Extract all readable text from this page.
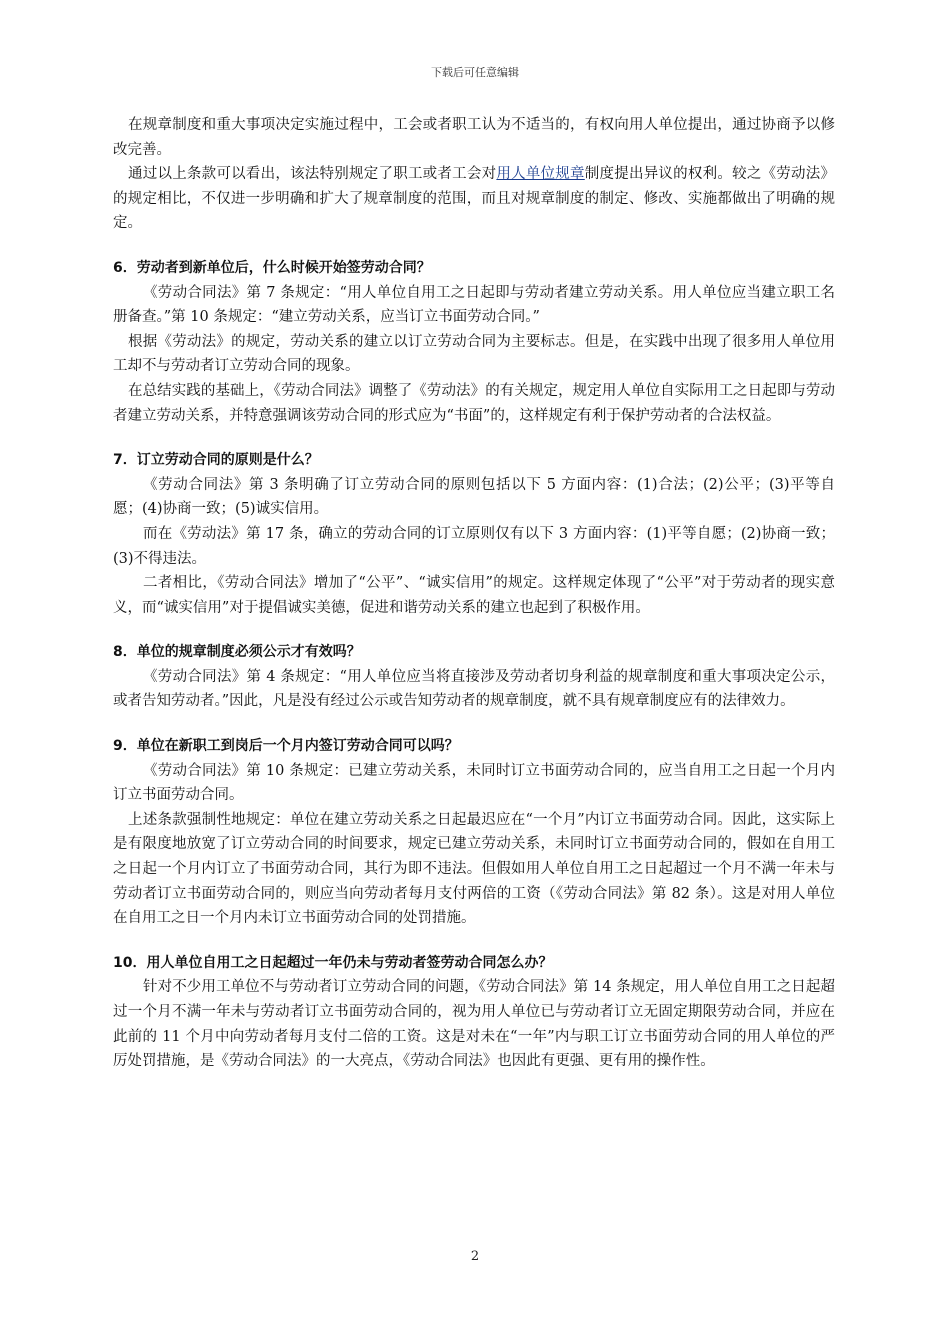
下载后可任意编辑

在规章制度和重大事项决定实施过程中，工会或者职工认为不适当的，有权向用人单位提出，通过协商予以修改完善。

通过以上条款可以看出，该法特别规定了职工或者工会对用人单位规章制度提出异议的权利。较之《劳动法》的规定相比，不仅进一步明确和扩大了规章制度的范围，而且对规章制度的制定、修改、实施都做出了明确的规定。

6．劳动者到新单位后，什么时候开始签劳动合同？

《劳动合同法》第 7 条规定：“用人单位自用工之日起即与劳动者建立劳动关系。用人单位应当建立职工名册备查。”第 10 条规定：“建立劳动关系，应当订立书面劳动合同。”

根据《劳动法》的规定，劳动关系的建立以订立劳动合同为主要标志。但是，在实践中出现了很多用人单位用工却不与劳动者订立劳动合同的现象。

在总结实践的基础上，《劳动合同法》调整了《劳动法》的有关规定，规定用人单位自实际用工之日起即与劳动者建立劳动关系，并特意强调该劳动合同的形式应为“书面”的，这样规定有利于保护劳动者的合法权益。

7．订立劳动合同的原则是什么？

《劳动合同法》第 3 条明确了订立劳动合同的原则包括以下 5 方面内容：(1)合法；(2)公平；(3)平等自愿；(4)协商一致；(5)诚实信用。

而在《劳动法》第 17 条，确立的劳动合同的订立原则仅有以下 3 方面内容：(1)平等自愿；(2)协商一致；(3)不得违法。

二者相比，《劳动合同法》增加了“公平”、“诚实信用”的规定。这样规定体现了“公平”对于劳动者的现实意义，而“诚实信用”对于提倡诚实美德，促进和谐劳动关系的建立也起到了积极作用。

8．单位的规章制度必须公示才有效吗？

《劳动合同法》第 4 条规定：“用人单位应当将直接涉及劳动者切身利益的规章制度和重大事项决定公示，或者告知劳动者。”因此，凡是没有经过公示或告知劳动者的规章制度，就不具有规章制度应有的法律效力。

9．单位在新职工到岗后一个月内签订劳动合同可以吗？

《劳动合同法》第 10 条规定：已建立劳动关系，未同时订立书面劳动合同的，应当自用工之日起一个月内订立书面劳动合同。

上述条款强制性地规定：单位在建立劳动关系之日起最迟应在“一个月”内订立书面劳动合同。因此，这实际上是有限度地放宽了订立劳动合同的时间要求，规定已建立劳动关系，未同时订立书面劳动合同的，假如在自用工之日起一个月内订立了书面劳动合同，其行为即不违法。但假如用人单位自用工之日起超过一个月不满一年未与劳动者订立书面劳动合同的，则应当向劳动者每月支付两倍的工资（《劳动合同法》第 82 条）。这是对用人单位在自用工之日一个月内未订立书面劳动合同的处罚措施。

10．用人单位自用工之日起超过一年仍未与劳动者签劳动合同怎么办？

针对不少用工单位不与劳动者订立劳动合同的问题，《劳动合同法》第 14 条规定，用人单位自用工之日起超过一个月不满一年未与劳动者订立书面劳动合同的，视为用人单位已与劳动者订立无固定期限劳动合同，并应在此前的 11 个月中向劳动者每月支付二倍的工资。这是对未在“一年”内与职工订立书面劳动合同的用人单位的严厉处罚措施，是《劳动合同法》的一大亮点，《劳动合同法》也因此有更强、更有用的操作性。

2
